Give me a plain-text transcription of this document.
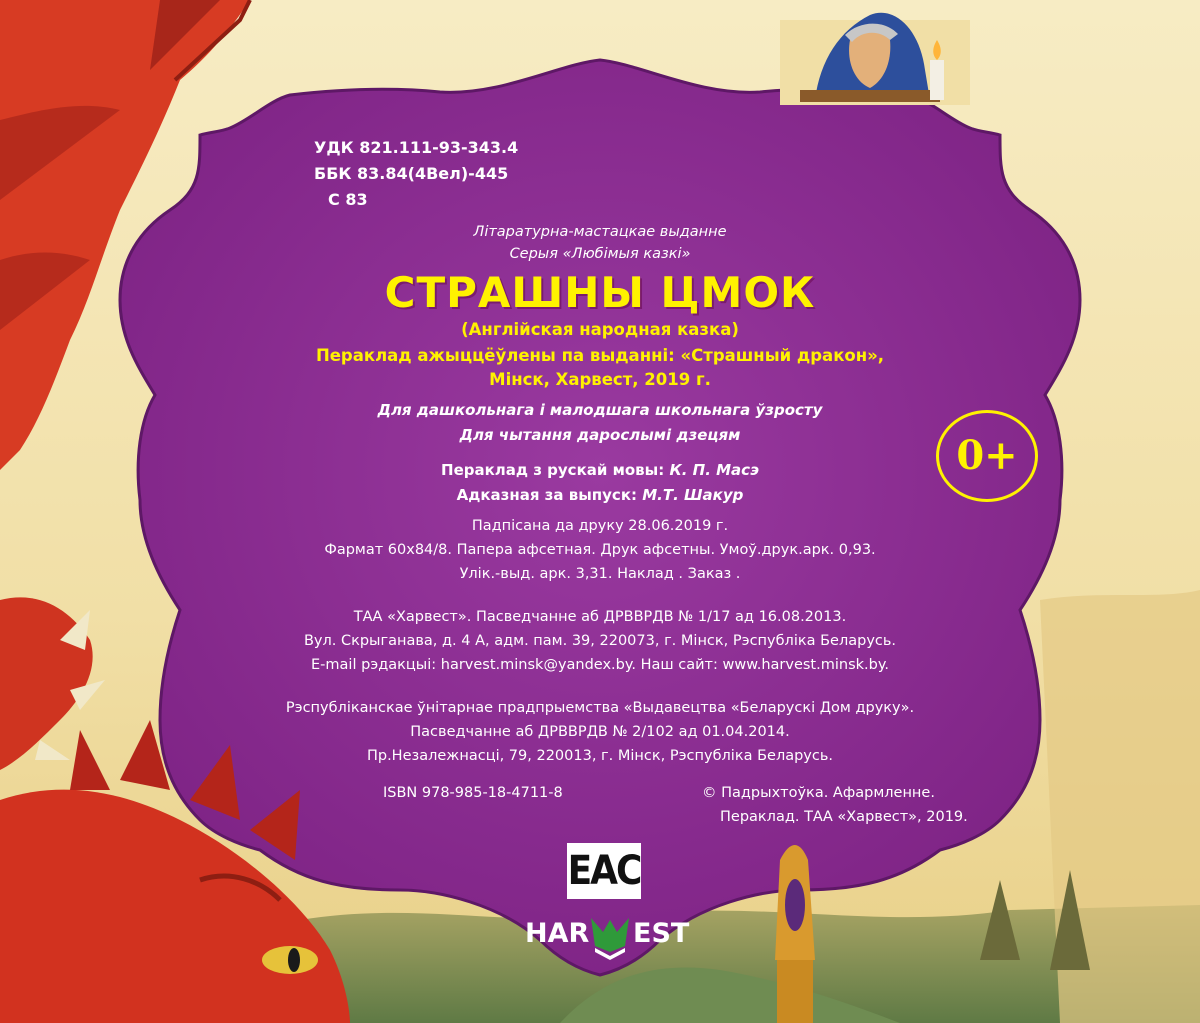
УДК 821.111-93-343.4
ББК 83.84(4Вел)-445
С 83
Літаратурна-мастацкае выданне
Серыя «Любімыя казкі»
СТРАШНЫ ЦМОК
(Англійская народная казка)
Пераклад ажыццёўлены па выданні: «Страшный дракон»,
Мінск, Харвест, 2019 г.
Для дашкольнага і малодшага школьнага ўзросту
Для чытання дарослымі дзецям
Пераклад з рускай мовы: К. П. Масэ
Адказная за выпуск: М.Т. Шакур
Падпісана да друку 28.06.2019 г.
Фармат 60х84/8. Папера афсетная. Друк афсетны. Умоў.друк.арк. 0,93.
Улік.-выд. арк. 3,31. Наклад . Заказ .
ТАА «Харвест». Пасведчанне аб ДРВВРДВ № 1/17 ад 16.08.2013.
Вул. Скрыганава, д. 4 А, адм. пам. 39, 220073, г. Мінск, Рэспубліка Беларусь.
E-mail рэдакцыі: harvest.minsk@yandex.by. Наш сайт: www.harvest.minsk.by.
Рэспубліканскае ўнітарнае прадпрыемства «Выдавецтва «Беларускі Дом друку».
Пасведчанне аб ДРВВРДВ № 2/102 ад 01.04.2014.
Пр.Незалежнасці, 79, 220013, г. Мінск, Рэспубліка Беларусь.
ISBN 978-985-18-4711-8	© Падрыхтоўка. Афармленне.
Пераклад. ТАА «Харвест», 2019.
0+
EAC
HAR EST
